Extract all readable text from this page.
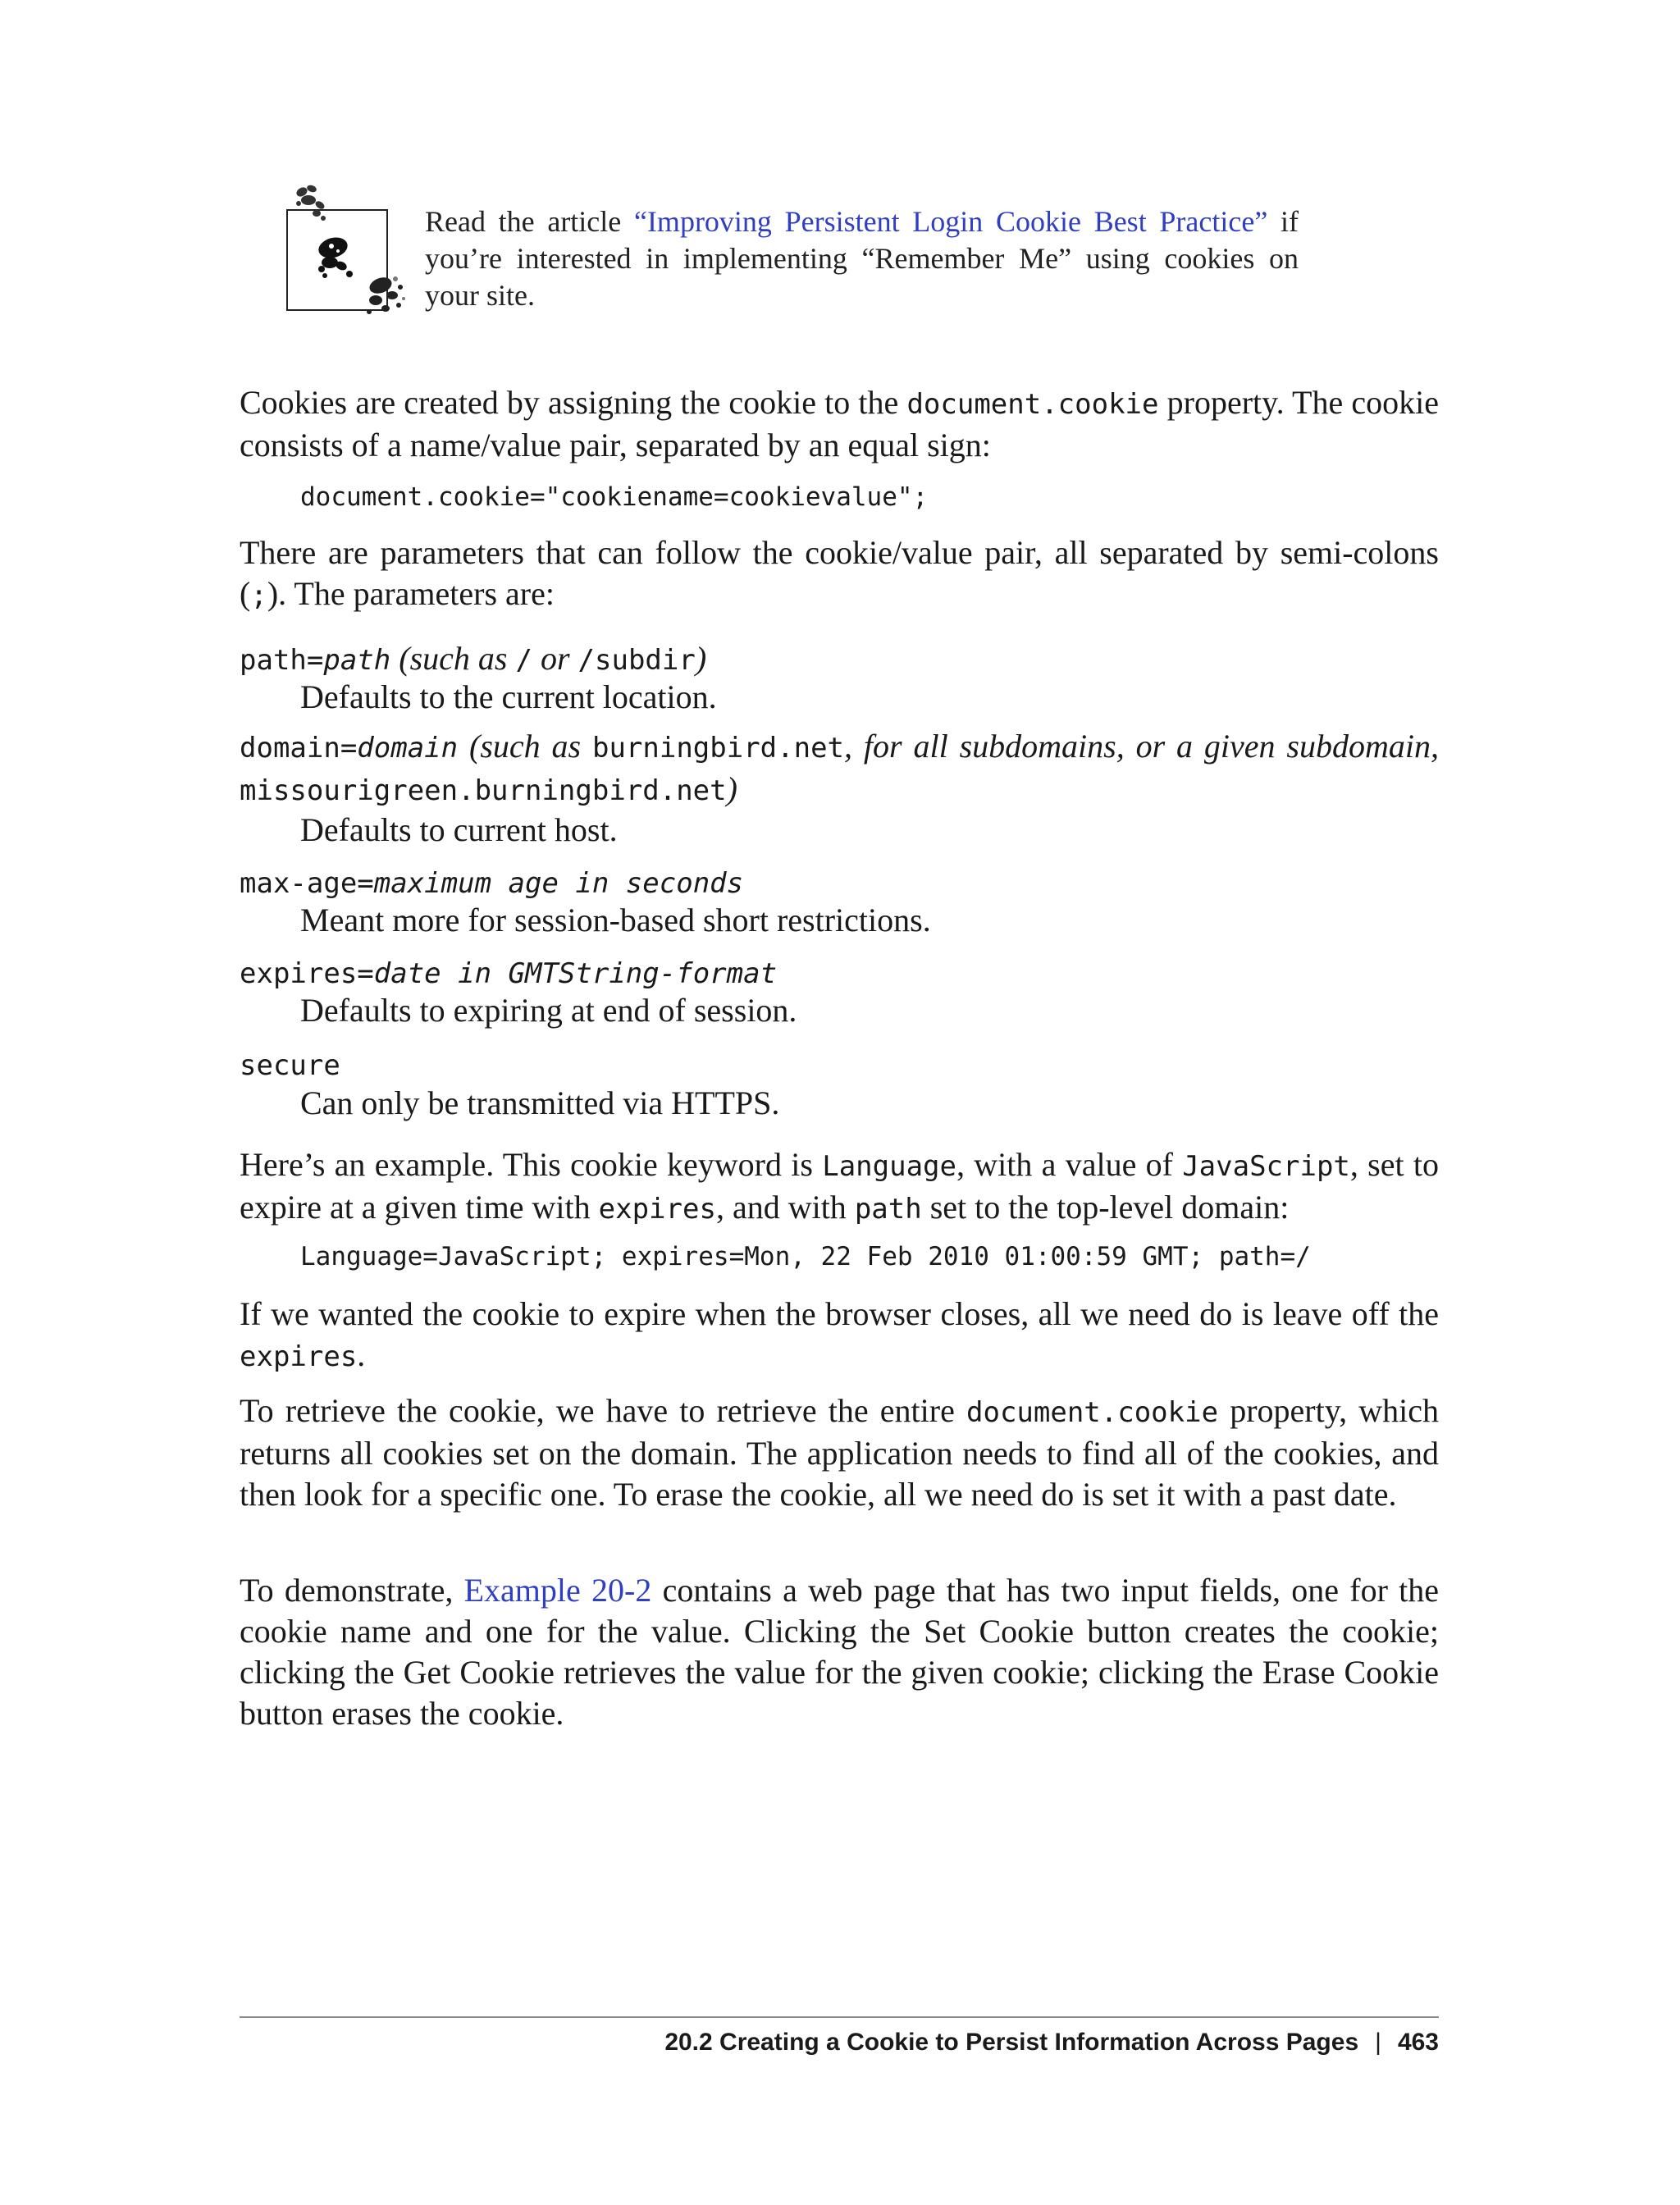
Read the article “Improving Persistent Login Cookie Best Practice” if you’re interested in implementing “Remember Me” using cookies on your site.
Cookies are created by assigning the cookie to the document.cookie property. The cookie consists of a name/value pair, separated by an equal sign:
document.cookie="cookiename=cookievalue";
There are parameters that can follow the cookie/value pair, all separated by semi-colons (;). The parameters are:
path=path (such as / or /subdir)
Defaults to the current location.
domain=domain (such as burningbird.net, for all subdomains, or a given subdomain, missourigreen.burningbird.net)
Defaults to current host.
max-age=maximum age in seconds
Meant more for session-based short restrictions.
expires=date in GMTString-format
Defaults to expiring at end of session.
secure
Can only be transmitted via HTTPS.
Here’s an example. This cookie keyword is Language, with a value of JavaScript, set to expire at a given time with expires, and with path set to the top-level domain:
Language=JavaScript; expires=Mon, 22 Feb 2010 01:00:59 GMT; path=/
If we wanted the cookie to expire when the browser closes, all we need do is leave off the expires.
To retrieve the cookie, we have to retrieve the entire document.cookie property, which returns all cookies set on the domain. The application needs to find all of the cookies, and then look for a specific one. To erase the cookie, all we need do is set it with a past date.
To demonstrate, Example 20-2 contains a web page that has two input fields, one for the cookie name and one for the value. Clicking the Set Cookie button creates the cookie; clicking the Get Cookie retrieves the value for the given cookie; clicking the Erase Cookie button erases the cookie.
20.2 Creating a Cookie to Persist Information Across Pages | 463
